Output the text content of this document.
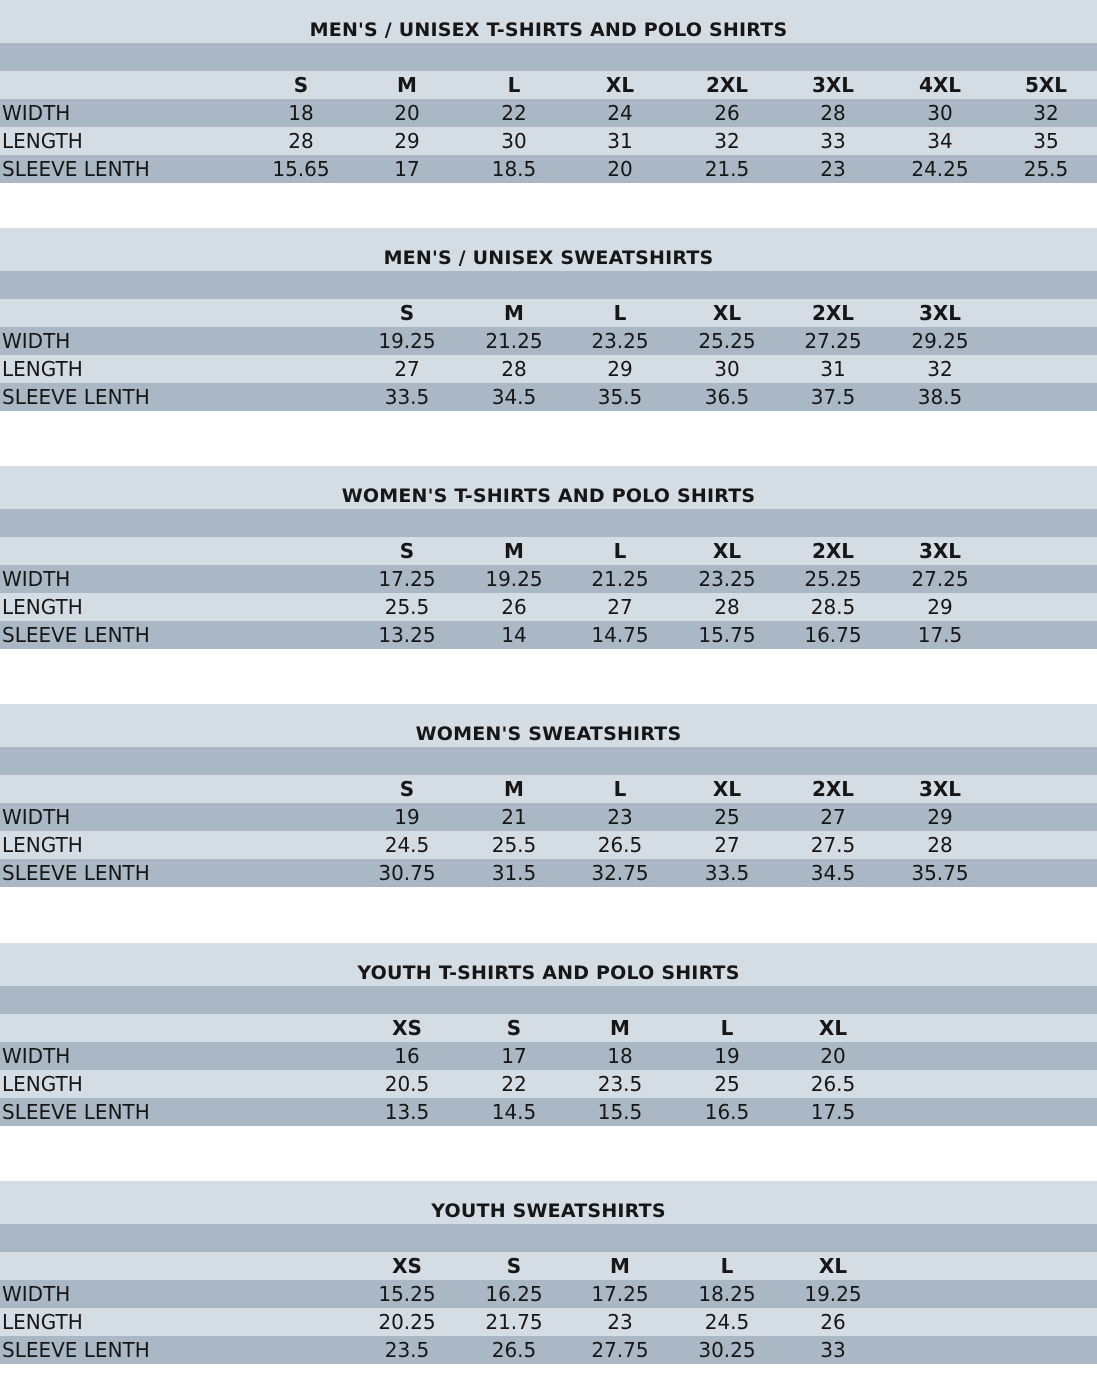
MEN'S / UNISEX T-SHIRTS AND POLO SHIRTS
S	M	L	XL	2XL	3XL	4XL	5XL
WIDTH	18	20	22	24	26	28	30	32
LENGTH	28	29	30	31	32	33	34	35
SLEEVE LENTH	15.65	17	18.5	20	21.5	23	24.25	25.5
MEN'S / UNISEX SWEATSHIRTS
S	M	L	XL	2XL	3XL
WIDTH	19.25	21.25	23.25	25.25	27.25	29.25
LENGTH	27	28	29	30	31	32
SLEEVE LENTH	33.5	34.5	35.5	36.5	37.5	38.5
WOMEN'S T-SHIRTS AND POLO SHIRTS
S	M	L	XL	2XL	3XL
WIDTH	17.25	19.25	21.25	23.25	25.25	27.25
LENGTH	25.5	26	27	28	28.5	29
SLEEVE LENTH	13.25	14	14.75	15.75	16.75	17.5
WOMEN'S SWEATSHIRTS
S	M	L	XL	2XL	3XL
WIDTH	19	21	23	25	27	29
LENGTH	24.5	25.5	26.5	27	27.5	28
SLEEVE LENTH	30.75	31.5	32.75	33.5	34.5	35.75
YOUTH T-SHIRTS AND POLO SHIRTS
XS	S	M	L	XL
WIDTH	16	17	18	19	20
LENGTH	20.5	22	23.5	25	26.5
SLEEVE LENTH	13.5	14.5	15.5	16.5	17.5
YOUTH SWEATSHIRTS
XS	S	M	L	XL
WIDTH	15.25	16.25	17.25	18.25	19.25
LENGTH	20.25	21.75	23	24.5	26
SLEEVE LENTH	23.5	26.5	27.75	30.25	33
